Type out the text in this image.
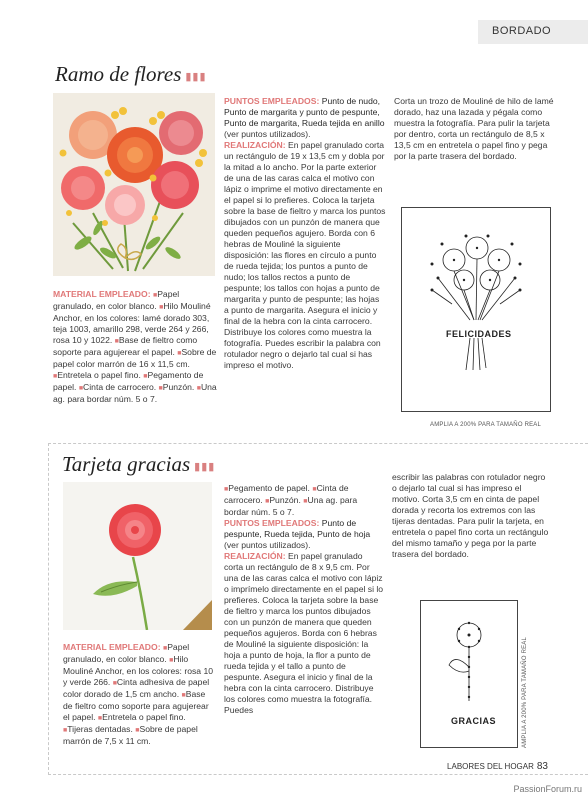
BORDADO
Ramo de flores ▮▮▮

MATERIAL EMPLEADO: ■Papel granulado, en color blanco. ■Hilo Mouliné Anchor, en los colores: lamé dorado 303, teja 1003, amarillo 298, verde 264 y 266, rosa 10 y 1022. ■Base de fieltro como soporte para agujerear el papel. ■Sobre de papel color marrón de 16 x 11,5 cm. ■Entretela o papel fino. ■Pegamento de papel. ■Cinta de carrocero. ■Punzón. ■Una ag. para bordar núm. 5 o 7.

PUNTOS EMPLEADOS: Punto de nudo, Punto de margarita y punto de pespunte, Punto de margarita, Rueda tejida en anillo (ver puntos utilizados).

REALIZACIÓN: En papel granulado corta un rectángulo de 19 x 13,5 cm y dobla por la mitad a lo ancho. Por la parte exterior de una de las caras calca el motivo con lápiz o imprime el motivo directamente en el papel si lo prefieres. Coloca la tarjeta sobre la base de fieltro y marca los puntos dibujados con un punzón de manera que queden pequeños agujero. Borda con 6 hebras de Mouliné la siguiente disposición: las flores en círculo a punto de rueda tejida; los puntos a punto de nudo; los tallos rectos a punto de pespunte; los tallos con hojas a punto de margarita y punto de pespunte; las hojas a punto de margarita. Asegura el inicio y final de la hebra con la cinta carrocero. Distribuye los colores como muestra la fotografía. Puedes escribir la palabra con rotulador negro o dejarlo tal cual si has impreso el motivo.

Corta un trozo de Mouliné de hilo de lamé dorado, haz una lazada y pégala como muestra la fotografía. Para pulir la tarjeta por dentro, corta un rectángulo de 8,5 x 13,5 cm en entretela o papel fino y pega por la parte trasera del bordado.

FELICIDADES
AMPLIA A 200% PARA TAMAÑO REAL
Tarjeta gracias ▮▮▮

MATERIAL EMPLEADO: ■Papel granulado, en color blanco. ■Hilo Mouliné Anchor, en los colores: rosa 10 y verde 266. ■Cinta adhesiva de papel color dorado de 1,5 cm ancho. ■Base de fieltro como soporte para agujerear el papel. ■Entretela o papel fino. ■Tijeras dentadas. ■Sobre de papel marrón de 7,5 x 11 cm.

■Pegamento de papel. ■Cinta de carrocero. ■Punzón. ■Una ag. para bordar núm. 5 o 7.

PUNTOS EMPLEADOS: Punto de pespunte, Rueda tejida, Punto de hoja (ver puntos utilizados).

REALIZACIÓN: En papel granulado corta un rectángulo de 8 x 9,5 cm. Por una de las caras calca el motivo con lápiz o imprímelo directamente en el papel si lo prefieres. Coloca la tarjeta sobre la base de fieltro y marca los puntos dibujados con un punzón de manera que queden pequeños agujeros. Borda con 6 hebras de Mouliné la siguiente disposición: la hoja a punto de hoja, la flor a punto de rueda tejida y el tallo a punto de pespunte. Asegura el inicio y final de la hebra con la cinta carrocero. Distribuye los colores como muestra la fotografía. Puedes

escribir las palabras con rotulador negro o dejarlo tal cual si has impreso el motivo. Corta 3,5 cm en cinta de papel dorada y recorta los extremos con las tijeras dentadas. Para pulir la tarjeta, en entretela o papel fino corta un rectángulo del mismo tamaño y pega por la parte trasera del bordado.

GRACIAS	AMPLIA A 200% PARA TAMAÑO REAL
LABORES DEL HOGAR 83
PassionForum.ru
